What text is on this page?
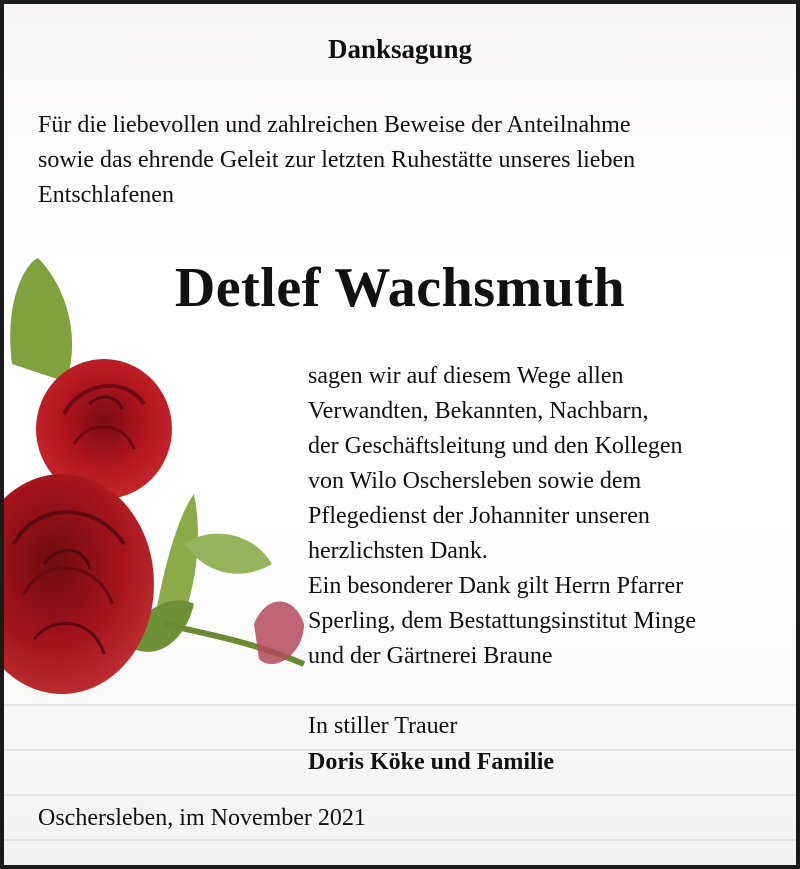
Danksagung
Für die liebevollen und zahlreichen Beweise der Anteilnahme
sowie das ehrende Geleit zur letzten Ruhestätte unseres lieben
Entschlafenen
Detlef Wachsmuth
sagen wir auf diesem Wege allen
Verwandten, Bekannten, Nachbarn,
der Geschäftsleitung und den Kollegen
von Wilo Oschersleben sowie dem
Pflegedienst der Johanniter unseren
herzlichsten Dank.
Ein besonderer Dank gilt Herrn Pfarrer
Sperling, dem Bestattungsinstitut Minge
und der Gärtnerei Braune
In stiller Trauer
Doris Köke und Familie
Oschersleben, im November 2021
